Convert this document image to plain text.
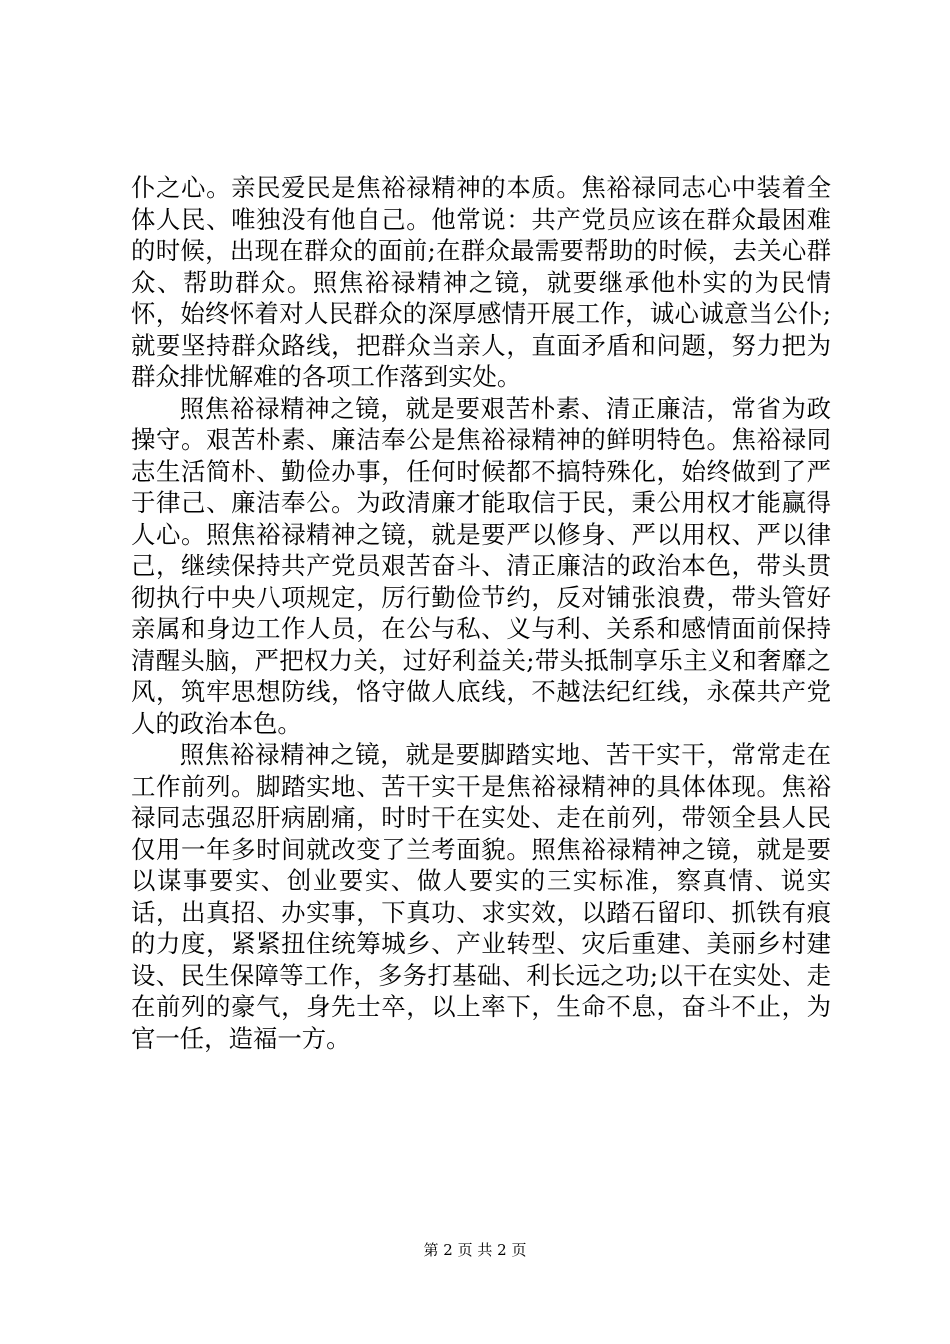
仆之心。亲民爱民是焦裕禄精神的本质。焦裕禄同志心中装着全体人民、唯独没有他自己。他常说：共产党员应该在群众最困难的时候，出现在群众的面前;在群众最需要帮助的时候，去关心群众、帮助群众。照焦裕禄精神之镜，就要继承他朴实的为民情怀，始终怀着对人民群众的深厚感情开展工作，诚心诚意当公仆;就要坚持群众路线，把群众当亲人，直面矛盾和问题，努力把为群众排忧解难的各项工作落到实处。

照焦裕禄精神之镜，就是要艰苦朴素、清正廉洁，常省为政操守。艰苦朴素、廉洁奉公是焦裕禄精神的鲜明特色。焦裕禄同志生活简朴、勤俭办事，任何时候都不搞特殊化，始终做到了严于律己、廉洁奉公。为政清廉才能取信于民，秉公用权才能赢得人心。照焦裕禄精神之镜，就是要严以修身、严以用权、严以律己，继续保持共产党员艰苦奋斗、清正廉洁的政治本色，带头贯彻执行中央八项规定，厉行勤俭节约，反对铺张浪费，带头管好亲属和身边工作人员，在公与私、义与利、关系和感情面前保持清醒头脑，严把权力关，过好利益关;带头抵制享乐主义和奢靡之风，筑牢思想防线，恪守做人底线，不越法纪红线，永葆共产党人的政治本色。

照焦裕禄精神之镜，就是要脚踏实地、苦干实干，常常走在工作前列。脚踏实地、苦干实干是焦裕禄精神的具体体现。焦裕禄同志强忍肝病剧痛，时时干在实处、走在前列，带领全县人民仅用一年多时间就改变了兰考面貌。照焦裕禄精神之镜，就是要以谋事要实、创业要实、做人要实的三实标准，察真情、说实话，出真招、办实事，下真功、求实效，以踏石留印、抓铁有痕的力度，紧紧扭住统筹城乡、产业转型、灾后重建、美丽乡村建设、民生保障等工作，多务打基础、利长远之功;以干在实处、走在前列的豪气，身先士卒，以上率下，生命不息，奋斗不止，为官一任，造福一方。

第 2 页 共 2 页
